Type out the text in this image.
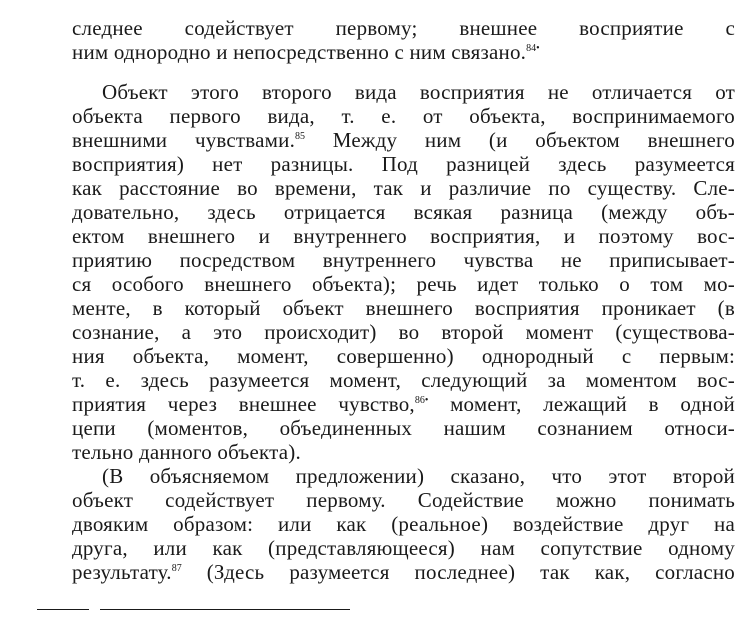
следнее содействует первому; внешнее восприятие с
ним однородно и непосредственно с ним связано.$^{84•}$
Объект этого второго вида восприятия не отличается от
объекта первого вида, т. е. от объекта, воспринимаемого
внешними чувствами.$^{85}$ Между ним (и объектом внешнего
восприятия) нет разницы. Под разницей здесь разумеется
как расстояние во времени, так и различие по существу. Сле-
довательно, здесь отрицается всякая разница (между объ-
ектом внешнего и внутреннего восприятия, и поэтому вос-
приятию посредством внутреннего чувства не приписывает-
ся особого внешнего объекта); речь идет только о том мо-
менте, в который объект внешнего восприятия проникает (в
сознание, а это происходит) во второй момент (существова-
ния объекта, момент, совершенно) однородный с первым:
т. е. здесь разумеется момент, следующий за моментом вос-
приятия через внешнее чувство,$^{86•}$ момент, лежащий в одной
цепи (моментов, объединенных нашим сознанием относи-
тельно данного объекта).
(В объясняемом предложении) сказано, что этот второй
объект содействует первому. Содействие можно понимать
двояким образом: или как (реальное) воздействие друг на
друга, или как (представляющееся) нам сопутствие одному
результату.$^{87}$ (Здесь разумеется последнее) так как, согласно
